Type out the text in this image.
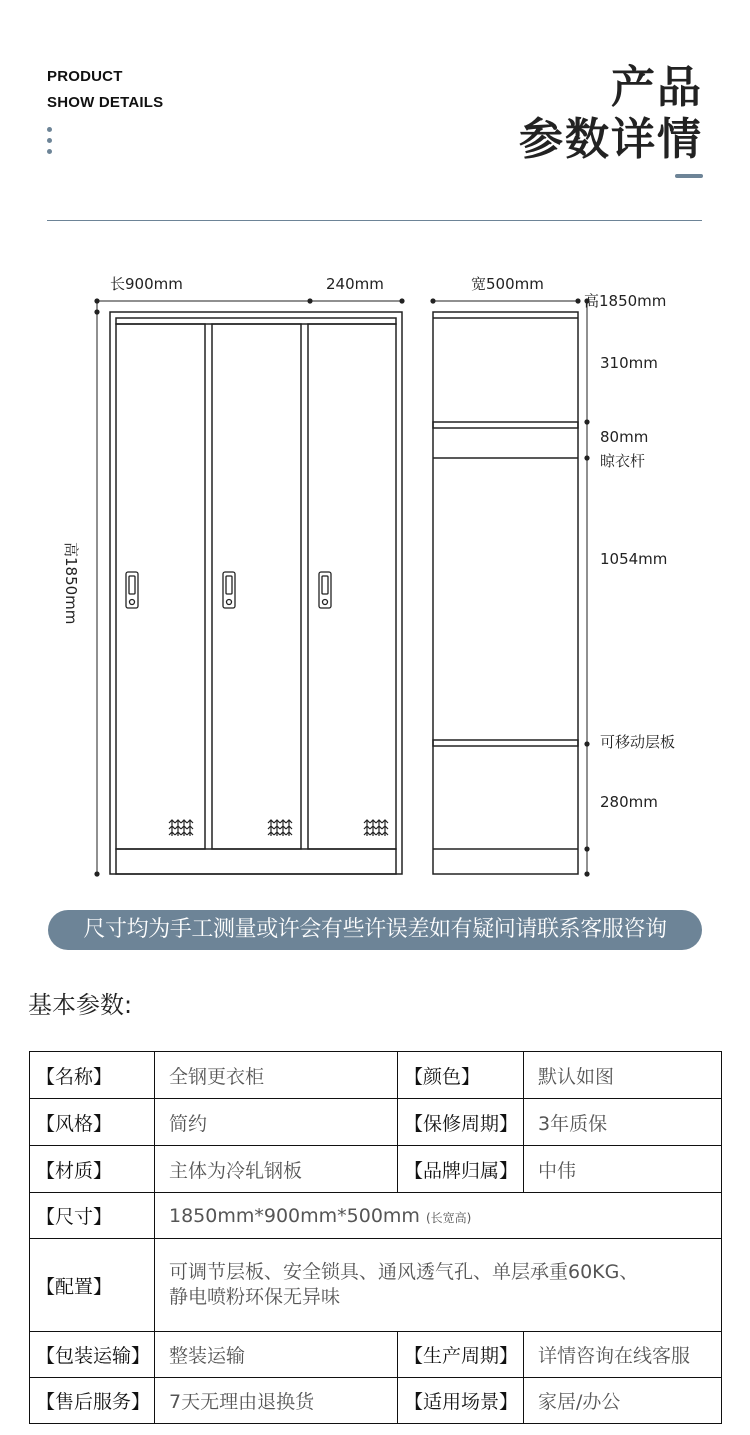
PRODUCT
SHOW DETAILS	产品
参数详情
长900mm	240mm
高1850mm
宽500mm
高1850mm
310mm
80mm
晾衣杆
1054mm
可移动层板
280mm
尺寸均为手工测量或许会有些许误差如有疑问请联系客服咨询
基本参数:
【名称】	全钢更衣柜	【颜色】	默认如图
【风格】	简约	【保修周期】	3年质保
【材质】	主体为冷轧钢板	【品牌归属】	中伟
【尺寸】	1850mm*900mm*500mm (长宽高)		
【配置】	可调节层板、安全锁具、通风透气孔、单层承重60KG、
静电喷粉环保无异味		

【包装运输】	整装运输	【生产周期】	详情咨询在线客服
【售后服务】	7天无理由退换货	【适用场景】	家居/办公
